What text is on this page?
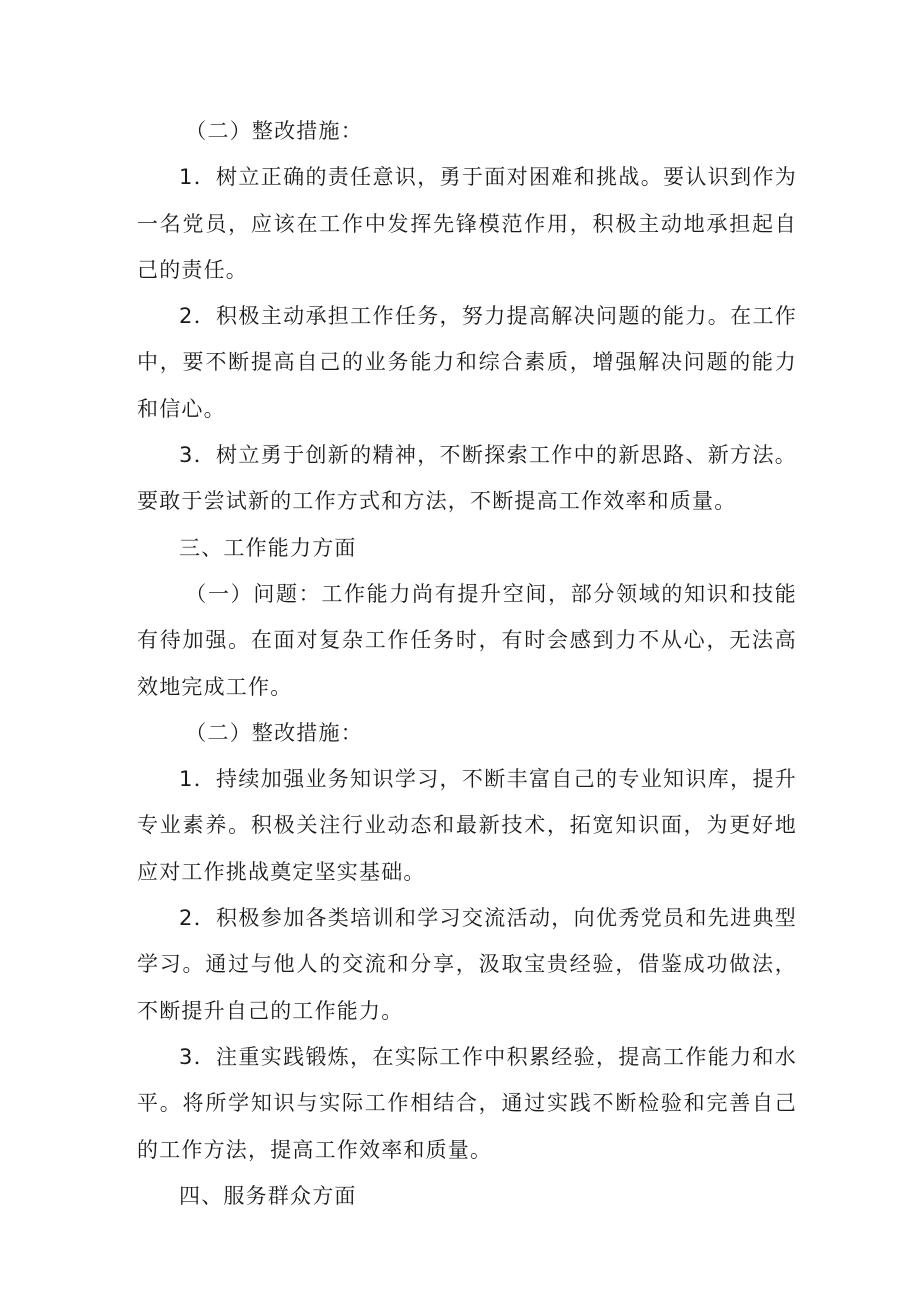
（二）整改措施：

1．树立正确的责任意识，勇于面对困难和挑战。要认识到作为一名党员，应该在工作中发挥先锋模范作用，积极主动地承担起自己的责任。

2．积极主动承担工作任务，努力提高解决问题的能力。在工作中，要不断提高自己的业务能力和综合素质，增强解决问题的能力和信心。

3．树立勇于创新的精神，不断探索工作中的新思路、新方法。要敢于尝试新的工作方式和方法，不断提高工作效率和质量。

三、工作能力方面

（一）问题：工作能力尚有提升空间，部分领域的知识和技能有待加强。在面对复杂工作任务时，有时会感到力不从心，无法高效地完成工作。

（二）整改措施：

1．持续加强业务知识学习，不断丰富自己的专业知识库，提升专业素养。积极关注行业动态和最新技术，拓宽知识面，为更好地应对工作挑战奠定坚实基础。

2．积极参加各类培训和学习交流活动，向优秀党员和先进典型学习。通过与他人的交流和分享，汲取宝贵经验，借鉴成功做法，不断提升自己的工作能力。

3．注重实践锻炼，在实际工作中积累经验，提高工作能力和水平。将所学知识与实际工作相结合，通过实践不断检验和完善自己的工作方法，提高工作效率和质量。

四、服务群众方面
